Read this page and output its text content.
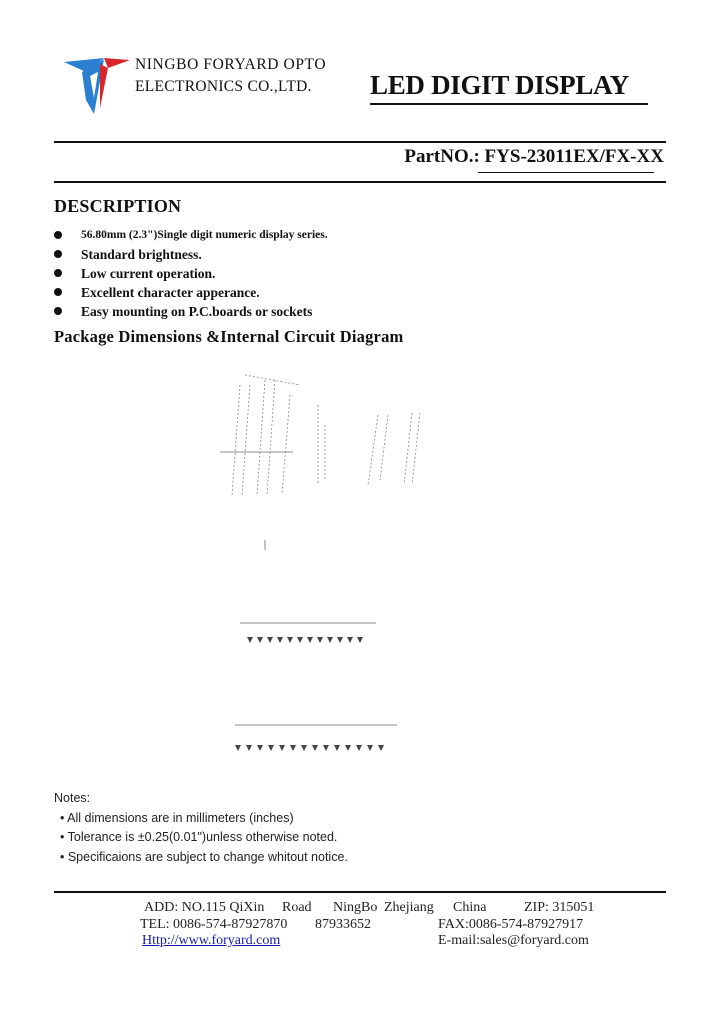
NINGBO FORYARD OPTO
ELECTRONICS CO.,LTD.	LED DIGIT DISPLAY
PartNO.: FYS-23011EX/FX-XX
DESCRIPTION
56.80mm (2.3")Single digit numeric display series.
Standard brightness.
Low current operation.
Excellent character apperance.
Easy mounting on P.C.boards or sockets
Package Dimensions &Internal Circuit Diagram
Notes:
• All dimensions are in millimeters (inches)
• Tolerance is ±0.25(0.01")unless otherwise noted.
• Specificaions are subject to change whitout notice.
ADD: NO.115 QiXin Road NingBo Zhejiang China	ZIP: 315051
TEL: 0086-574-87927870 87933652	FAX:0086-574-87927917
Http://www.foryard.com	E-mail:sales@foryard.com
